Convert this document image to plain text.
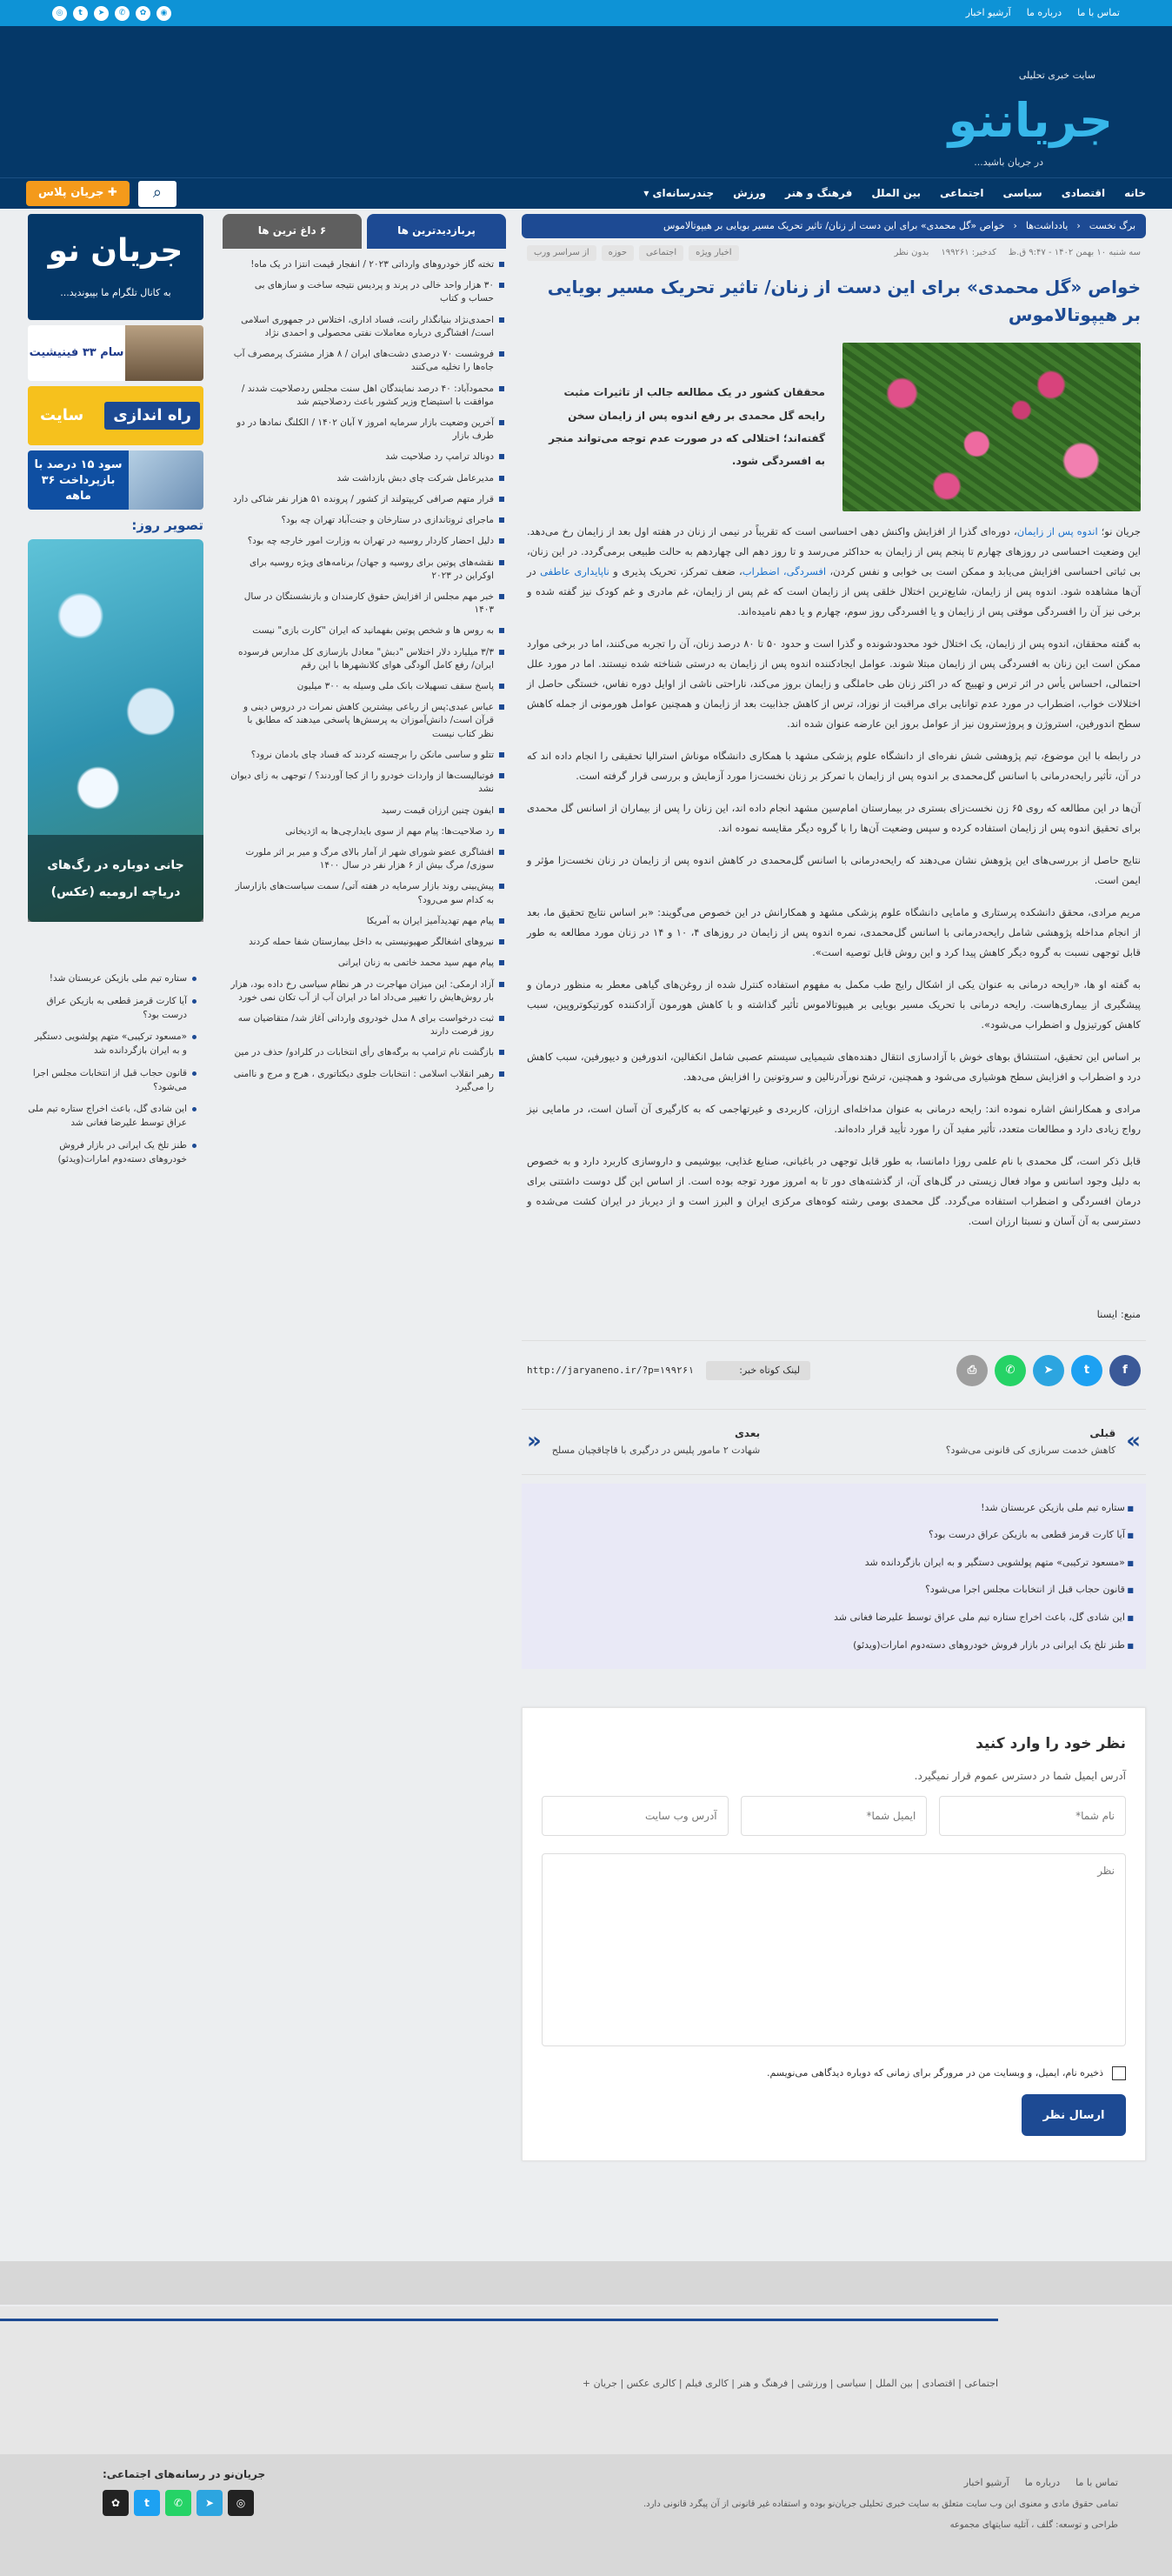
تماس با ما
درباره ما
آرشیو اخبار
◎	t	➤	✆	✿	◉
سایت خبری تحلیلی
جریاننو
در جریان باشید...
خانه
اقتصادی
سیاسی
اجتماعی
بین الملل
فرهنگ و هنر
ورزش
چندرسانه‌ای ▾
✚ جریان پلاس	⌕
برگ نخست
‹
یادداشت‌ها
‹
خواص «گل محمدی» برای این دست از زنان/ تاثیر تحریک مسیر بویایی بر هیپوتالاموس
سه شنبه ۱۰ بهمن ۱۴۰۲ - ۹:۴۷ ق.ظ
کدخبر: ۱۹۹۲۶۱
بدون نظر
اخبار ویژه
اجتماعی
حوزه
از سراسر ورب
خواص «گل محمدی» برای این دست از زنان/ تاثیر تحریک مسیر بویایی بر هیپوتالاموس
محققان کشور در یک مطالعه جالب از تاثیرات مثبت رایحه گل محمدی بر رفع اندوه پس از زایمان سخن گفته‌اند؛ اختلالی که در صورت عدم توجه می‌تواند منجر به افسردگی شود.

جریان نو؛ اندوه پس از زایمان، دوره‌ای گذرا از افزایش واکنش دهی احساسی است که تقریباً در نیمی از زنان در هفته اول بعد از زایمان رخ می‌دهد. این وضعیت احساسی در روزهای چهارم تا پنجم پس از زایمان به حداکثر می‌رسد و تا روز دهم الی چهاردهم به حالت طبیعی برمی‌گردد. در این زنان، بی ثباتی احساسی افزایش می‌یابد و ممکن است بی خوابی و نفس کردن، افسردگی، اضطراب، ضعف تمرکز، تحریک پذیری و ناپایداری عاطفی در آن‌ها مشاهده شود. اندوه پس از زایمان، شایع‌ترین اختلال خلقی پس از زایمان است که غم پس از زایمان، غم مادری و غم کودک نیز گفته شده و برخی نیز آن را افسردگی موقتی پس از زایمان و یا افسردگی روز سوم، چهارم و یا دهم نامیده‌اند.

به گفته محققان، اندوه پس از زایمان، یک اختلال خود محدودشونده و گذرا است و حدود ۵۰ تا ۸۰ درصد زنان، آن را تجربه می‌کنند، اما در برخی موارد ممکن است این زنان به افسردگی پس از زایمان مبتلا شوند. عوامل ایجادکننده اندوه پس از زایمان به درستی شناخته شده نیستند. اما در مورد علل احتمالی، احساس یأس در اثر ترس و تهییج که در اکثر زنان طی حاملگی و زایمان بروز می‌کند، ناراحتی ناشی از اوایل دوره نفاس، خستگی حاصل از اختلالات خواب، اضطراب در مورد عدم توانایی برای مراقبت از نوزاد، ترس از کاهش جذابیت بعد از زایمان و همچنین عوامل هورمونی از جمله کاهش سطح اندورفین، استروژن و پروژسترون نیز از عوامل بروز این عارضه عنوان شده اند.

در رابطه با این موضوع، تیم پژوهشی شش نفره‌ای از دانشگاه علوم پزشکی مشهد با همکاری دانشگاه موناش استرالیا تحقیقی را انجام داده اند که در آن، تأثیر رایحه‌درمانی با اسانس گل‌محمدی بر اندوه پس از زایمان با تمرکز بر زنان نخست‌زا مورد آزمایش و بررسی قرار گرفته است.

آن‌ها در این مطالعه که روی ۶۵ زن نخست‌زای بستری در بیمارستان امام‌سین مشهد انجام داده اند، این زنان را پس از بیماران از اسانس گل محمدی برای تحقیق اندوه پس از زایمان استفاده کرده و سپس وضعیت آن‌ها را با گروه دیگر مقایسه نموده اند.

نتایج حاصل از بررسی‌های این پژوهش نشان می‌دهند که رایحه‌درمانی با اسانس گل‌محمدی در کاهش اندوه پس از زایمان در زنان نخست‌زا مؤثر و ایمن است.

مریم مرادی، محقق دانشکده پرستاری و مامایی دانشگاه علوم پزشکی مشهد و همکارانش در این خصوص می‌گویند: «بر اساس نتایج تحقیق ما، بعد از انجام مداخله پژوهشی شامل رایحه‌درمانی با اسانس گل‌محمدی، نمره اندوه پس از زایمان در روزهای ۴، ۱۰ و ۱۴ در زنان مورد مطالعه به طور قابل توجهی نسبت به گروه دیگر کاهش پیدا کرد و این روش قابل توصیه است».

به گفته او ها، «رایحه درمانی به عنوان یکی از اشکال رایج طب مکمل به مفهوم استفاده کنترل شده از روغن‌های گیاهی معطر به منظور درمان و پیشگیری از بیماری‌هاست. رایحه درمانی با تحریک مسیر بویایی بر هیپوتالاموس تأثیر گذاشته و با کاهش هورمون آزادکننده کورتیکوتروپین، سبب کاهش کورتیزول و اضطراب می‌شود».

بر اساس این تحقیق، استنشاق بوهای خوش با آزادسازی انتقال دهنده‌های شیمیایی سیستم عصبی شامل انکفالین، اندورفین و دیپورفین، سبب کاهش درد و اضطراب و افزایش سطح هوشیاری می‌شود و همچنین، ترشح نورآدرنالین و سروتونین را افزایش می‌دهد.

مرادی و همکارانش اشاره نموده اند: رایحه درمانی به عنوان مداخله‌ای ارزان، کاربردی و غیرتهاجمی که به کارگیری آن آسان است، در مامایی نیز رواج زیادی دارد و مطالعات متعدد، تأثیر مفید آن را مورد تأیید قرار داده‌اند.

قابل ذکر است، گل محمدی با نام علمی روزا دامانسا، به طور قابل توجهی در باغبانی، صنایع غذایی، بیوشیمی و داروسازی کاربرد دارد و به خصوص به دلیل وجود اسانس و مواد فعال زیستی در گل‌های آن، از گذشته‌های دور تا به امروز مورد توجه بوده است. از اساس این گل دوست داشتنی برای درمان افسردگی و اضطراب استفاده می‌گردد. گل محمدی بومی رشته کوه‌های مرکزی ایران و البرز است و از دیرباز در ایران کشت می‌شده و دسترسی به آن آسان و نسبتا ارزان است.

منبع: ایسنا

f
t
➤
✆
⎙
لینک کوتاه خبر:
http://jaryaneno.ir/?p=۱۹۹۲۶۱
»
قبلی
کاهش خدمت سربازی کی قانونی می‌شود؟
بعدی
شهادت ۲ مامور پلیس در درگیری با قاچاقچیان مسلح
«
■ ستاره تیم ملی بازیکن عربستان شد!
■ آیا کارت قرمز قطعی به بازیکن عراق درست بود؟
■ «مسعود ترکیبی» متهم پولشویی دستگیر و به ایران بازگردانده شد
■ قانون حجاب قبل از انتخابات مجلس اجرا می‌شود؟
■ این شادی گل، باعث اخراج ستاره تیم ملی عراق توسط علیرضا فغانی شد
■ طنز تلخ یک ایرانی در بازار فروش خودروهای دسته‌دوم امارات(ویدئو)
نظر خود را وارد کنید
آدرس ایمیل شما در دسترس عموم قرار نمیگیرد.
نام شما*
ایمیل شما*
آدرس وب سایت
نظر
ذخیره نام، ایمیل، و وبسایت من در مرورگر برای زمانی که دوباره دیدگاهی می‌نویسم.
ارسال نظر
پربازدیدترین ها
۶ داغ ترین ها
تخته گاز خودروهای وارداتی ۲۰۲۳ / انفجار قیمت انتزا در یک ماه!
۳۰ هزار واحد خالی در پرند و پردیس نتیجه ساخت و سازهای بی حساب و کتاب
احمدی‌نژاد بنیانگذار رانت، فساد اداری، اختلاس در جمهوری اسلامی است/ افشاگری درباره معاملات نفتی محصولی و احمدی نژاد
فروشست ۷۰ درصدی دشت‌های ایران / ۸ هزار مشترک پرمصرف آب جاه‌ها را تخلیه می‌کنند
محمودآباد: ۴۰ درصد نمایندگان اهل سنت مجلس ردصلاحیت شدند /موافقت با استیضاح وزیر کشور باعث ردصلاحیتم شد
آخرین وضعیت بازار سرمایه امروز ۷ آبان ۱۴۰۲ / الکلنگ نمادها در دو طرف بازار
دونالد ترامپ رد صلاحیت شد
مدیرعامل شرکت چای دبش بازداشت شد
قرار متهم صرافی کریپتولند از کشور / پرونده ۵۱ هزار نفر شاکی دارد
ماجرای ثروتاندازی در ستارخان و جنت‌آباد تهران چه بود؟
دلیل احضار کاردار روسیه در تهران به وزارت امور خارجه چه بود؟
نقشه‌های پوتین برای روسیه و جهان/ برنامه‌های ویژه روسیه برای اوکراین در ۲۰۲۳
خبر مهم مجلس از افزایش حقوق کارمندان و بازنشستگان در سال ۱۴۰۳
به روس ها و شخص پوتین بفهمانید که ایران "کارت بازی" نیست
۳/۳ میلیارد دلار اختلاس "دبش" معادل بازسازی کل مدارس فرسوده ایران/ رفع کامل آلودگی هوای کلانشهرها با این رقم
پاسخ سقف تسهیلات بانک ملی وسیله به ۳۰۰ میلیون
عباس عبدی:پس از رباعی بیشترین کاهش نمرات در دروس دینی و قرآن است/ دانش‌آموزان به پرسش‌ها پاسخی میدهند که مطابق با نظر کتاب نیست
تتلو و ساسی مانکن را برچسته کردند که فساد چای بادمان نرود؟
فوتبالیست‌ها از واردات خودرو را از کجا آوردند؟ / توجهی به زای دیوان نشد
ایفون چنین ارزان قیمت رسید
رد صلاحیت‌ها: پیام مهم از سوی بایدارچی‌ها به اژدیخانی
افشاگری عضو شورای شهر از آمار بالای مرگ و میر بر اثر ملورت سوزی/ مرگ بیش از ۶ هزار نفر در سال ۱۴۰۰
پیش‌بینی روند بازار سرمایه در هفته آتی/ سمت سیاست‌های بازارساز به کدام سو می‌رود؟
پیام مهم تهدیدآمیز ایران به آمریکا
نیروهای اشغالگر صهیونیستی به داخل بیمارستان شفا حمله کردند
پیام مهم سید محمد خاتمی به زنان ایرانی
آزاد ارمکی: این میزان مهاجرت در هر نظام سیاسی رخ داده بود، هزار بار روش‌هایش را تغییر می‌داد اما در ایران آب از آب تکان نمی خورد
ثبت درخواست برای ۸ مدل خودروی وارداتی آغاز شد/ متقاضیان سه روز فرصت دارند
بازگشت نام ترامپ به برگه‌های رأی انتخابات در کلرادو/ حذف در مین
رهبر انقلاب اسلامی : انتخابات جلوی دیکتاتوری ، هرج و مرج و ناامنی را می‌گیرد
جریان نو
به کانال تلگرام ما بپیوندید...
سام ۳۳ فینیشیت
راه اندازی
سایت
سود ۱۵ درصد با بازپرداخت ۳۶ ماهه
تصویر روز:
جانی دوباره در رگ‌های دریاچه ارومیه (عکس)
ستاره تیم ملی بازیکن عربستان شد!
آیا کارت قرمز قطعی به بازیکن عراق درست بود؟
«مسعود ترکیبی» متهم پولشویی دستگیر و به ایران بازگردانده شد
قانون حجاب قبل از انتخابات مجلس اجرا می‌شود؟
این شادی گل، باعث اخراج ستاره تیم ملی عراق توسط علیرضا فغانی شد
طنز تلخ یک ایرانی در بازار فروش خودروهای دسته‌دوم امارات(ویدئو)
اجتماعی | اقتصادی | بین الملل | سیاسی | ورزشی | فرهنگ و هنر | کالری فیلم | کالری عکس | جریان +
تماس با ما
درباره ما
آرشیو اخبار
تمامی حقوق مادی و معنوی این وب سایت متعلق به سایت خبری تحلیلی جریان‌نو بوده و استفاده غیر قانونی از آن پیگرد قانونی دارد.
طراحی و توسعه: گلف ، آتلیه سایتهای مجموعه
جریان‌نو در رسانه‌های اجتماعی:
✿	t	✆	➤	◎
